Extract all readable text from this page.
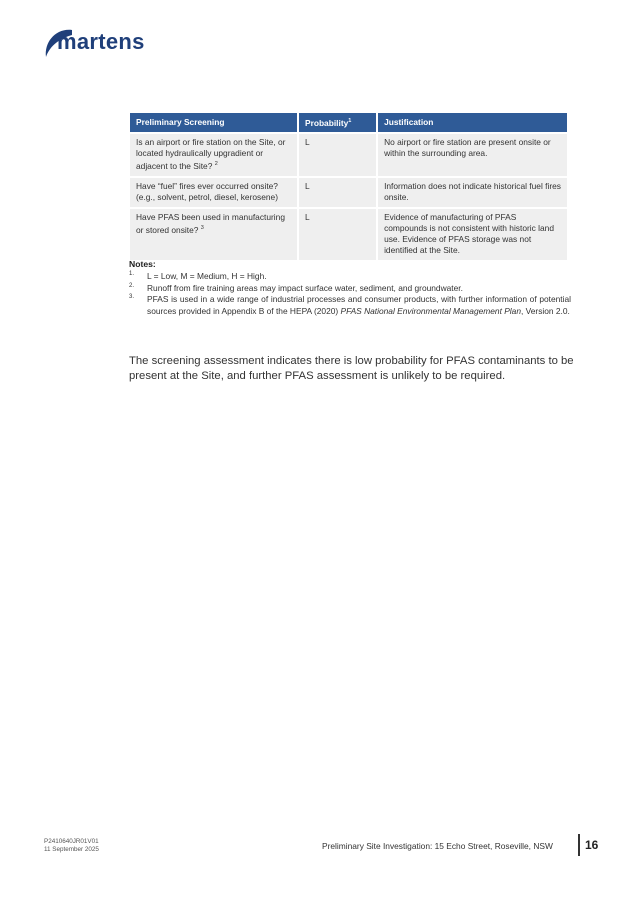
martens
Preliminary Screening	Probability$^1$	Justification
Is an airport or fire station on the Site, or located hydraulically upgradient or adjacent to the Site? $^2$	L	No airport or fire station are present onsite or within the surrounding area.
Have “fuel” fires ever occurred onsite? (e.g., solvent, petrol, diesel, kerosene)	L	Information does not indicate historical fuel fires onsite.
Have PFAS been used in manufacturing or stored onsite? $^3$	L	Evidence of manufacturing of PFAS compounds is not consistent with historic land use. Evidence of PFAS storage was not identified at the Site.
Notes:
1. L = Low, M = Medium, H = High.
2. Runoff from fire training areas may impact surface water, sediment, and groundwater.
3. PFAS is used in a wide range of industrial processes and consumer products, with further information of potential sources provided in Appendix B of the HEPA (2020) PFAS National Environmental Management Plan, Version 2.0.

The screening assessment indicates there is low probability for PFAS contaminants to be present at the Site, and further PFAS assessment is unlikely to be required.

P2410640JR01V01
11 September 2025	Preliminary Site Investigation: 15 Echo Street, Roseville, NSW	16
